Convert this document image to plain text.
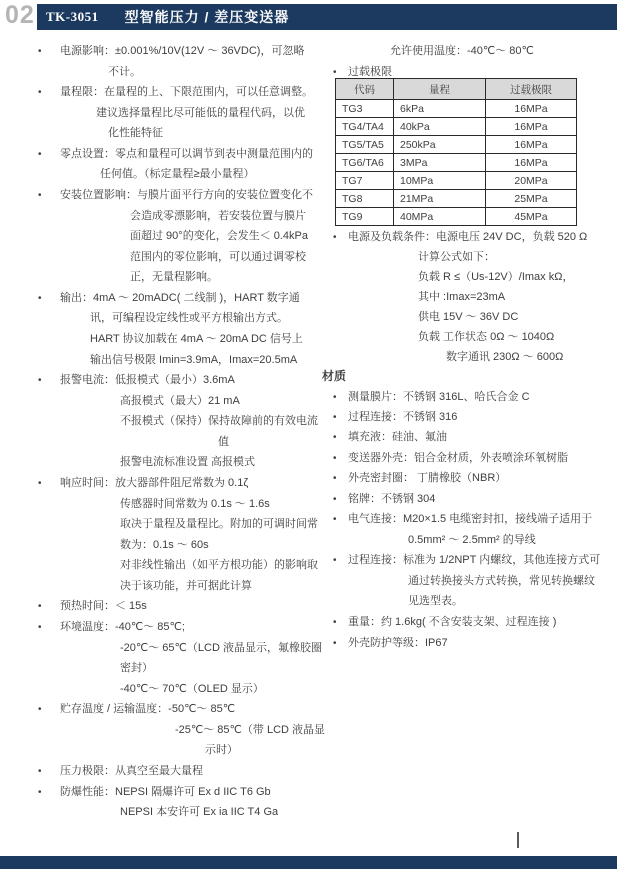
02 TK-3051 型智能压力 / 差压变送器
• 电源影响：±0.001%/10V(12V ～ 36VDC)，可忽略
不计。
• 量程限：在量程的上、下限范围内，可以任意调整。
建议选择量程比尽可能低的量程代码，以优
化性能特征
• 零点设置：零点和量程可以调节到表中测量范围内的
任何值。（标定量程≥最小量程）
• 安装位置影响：与膜片面平行方向的安装位置变化不
会造成零漂影响，若安装位置与膜片
面超过 90°的变化，会发生＜ 0.4kPa
范围内的零位影响，可以通过调零校
正，无量程影响。
• 输出：4mA ～ 20mADC( 二线制 )，HART 数字通
讯，可编程设定线性或平方根输出方式。
HART 协议加载在 4mA ～ 20mA DC 信号上
输出信号极限 Imin=3.9mA，Imax=20.5mA
• 报警电流：低报模式（最小）3.6mA
高报模式（最大）21 mA
不报模式（保持）保持故障前的有效电流
值
报警电流标准设置 高报模式
• 响应时间：放大器部件阻尼常数为 0.1ζ
传感器时间常数为 0.1s ～ 1.6s
取决于量程及量程比。附加的可调时间常
数为：0.1s ～ 60s
对非线性输出（如平方根功能）的影响取
决于该功能，并可据此计算
• 预热时间：＜ 15s
• 环境温度：-40℃～ 85℃;
-20℃～ 65℃（LCD 液晶显示，氟橡胶圈
密封）
-40℃～ 70℃（OLED 显示）
• 贮存温度 / 运输温度：-50℃～ 85℃
-25℃～ 85℃（带 LCD 液晶显
示时）
• 压力极限：从真空至最大量程
• 防爆性能：NEPSI 隔爆许可 Ex d IIC T6 Gb
NEPSI 本安许可 Ex ia IIC T4 Ga
允许使用温度：-40℃～ 80℃
• 过载极限
• 电源及负载条件：电源电压 24V DC，负载 520 Ω
计算公式如下：
负载 R ≤（Us-12V）/Imax kΩ，
其中 :Imax=23mA
供电 15V ～ 36V DC
负载 工作状态 0Ω ～ 1040Ω
数字通讯 230Ω ～ 600Ω
材质
• 测量膜片：不锈钢 316L、哈氏合金 C
• 过程连接：不锈钢 316
• 填充液：硅油、氟油
• 变送器外壳：铝合金材质，外表喷涂环氧树脂
• 外壳密封圈： 丁腈橡胶（NBR）
• 铭牌：不锈钢 304
• 电气连接：M20×1.5 电缆密封扣，接线端子适用于
0.5mm² ～ 2.5mm² 的导线
• 过程连接：标准为 1/2NPT 内螺纹，其他连接方式可
通过转换接头方式转换，常见转换螺纹
见选型表。
• 重量：约 1.6kg( 不含安装支架、过程连接 )
• 外壳防护等级：IP67
代码	量程	过载极限
TG3	6kPa	16MPa
TG4/TA4	40kPa	16MPa
TG5/TA5	250kPa	16MPa
TG6/TA6	3MPa	16MPa
TG7	10MPa	20MPa
TG8	21MPa	25MPa
TG9	40MPa	45MPa
